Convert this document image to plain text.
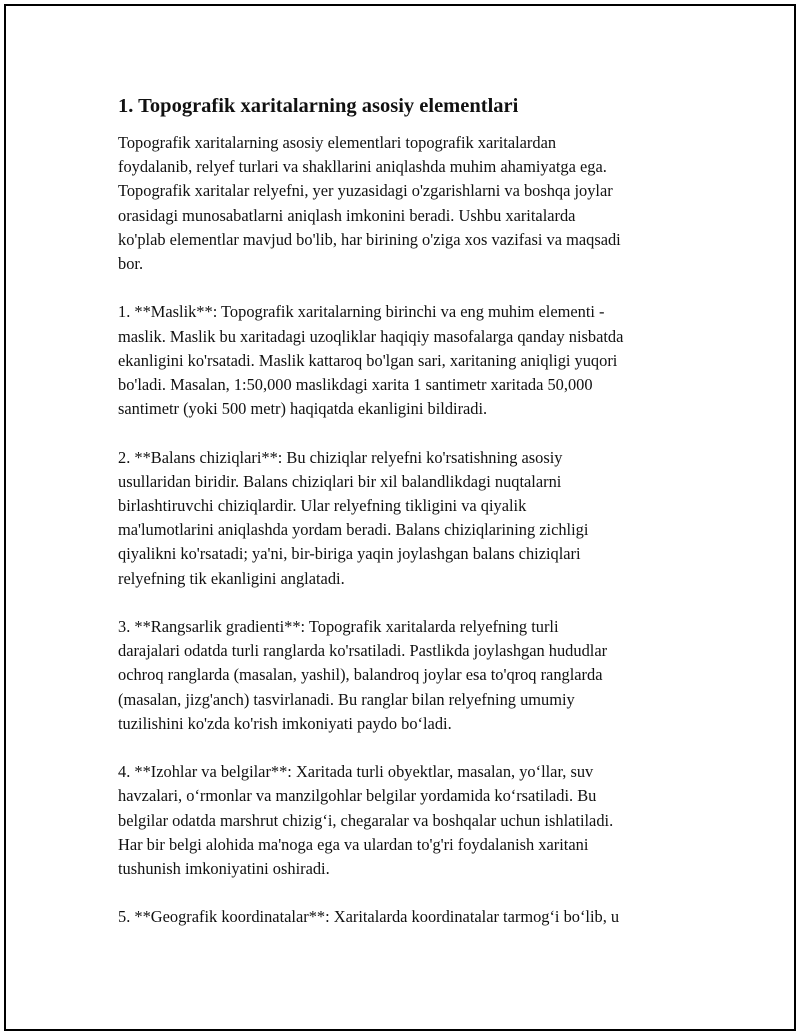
1. Topografik xaritalarning asosiy elementlari

Topografik xaritalarning asosiy elementlari topografik xaritalardan
foydalanib, relyef turlari va shakllarini aniqlashda muhim ahamiyatga ega.
Topografik xaritalar relyefni, yer yuzasidagi o'zgarishlarni va boshqa joylar
orasidagi munosabatlarni aniqlash imkonini beradi. Ushbu xaritalarda
ko'plab elementlar mavjud bo'lib, har birining o'ziga xos vazifasi va maqsadi
bor.

1. **Maslik**: Topografik xaritalarning birinchi va eng muhim elementi -
maslik. Maslik bu xaritadagi uzoqliklar haqiqiy masofalarga qanday nisbatda
ekanligini ko'rsatadi. Maslik kattaroq bo'lgan sari, xaritaning aniqligi yuqori
bo'ladi. Masalan, 1:50,000 maslikdagi xarita 1 santimetr xaritada 50,000
santimetr (yoki 500 metr) haqiqatda ekanligini bildiradi.

2. **Balans chiziqlari**: Bu chiziqlar relyefni ko'rsatishning asosiy
usullaridan biridir. Balans chiziqlari bir xil balandlikdagi nuqtalarni
birlashtiruvchi chiziqlardir. Ular relyefning tikligini va qiyalik
ma'lumotlarini aniqlashda yordam beradi. Balans chiziqlarining zichligi
qiyalikni ko'rsatadi; ya'ni, bir-biriga yaqin joylashgan balans chiziqlari
relyefning tik ekanligini anglatadi.

3. **Rangsarlik gradienti**: Topografik xaritalarda relyefning turli
darajalari odatda turli ranglarda ko'rsatiladi. Pastlikda joylashgan hududlar
ochroq ranglarda (masalan, yashil), balandroq joylar esa to'qroq ranglarda
(masalan, jizg'anch) tasvirlanadi. Bu ranglar bilan relyefning umumiy
tuzilishini ko'zda ko'rish imkoniyati paydo bo‘ladi.

4. **Izohlar va belgilar**: Xaritada turli obyektlar, masalan, yo‘llar, suv
havzalari, o‘rmonlar va manzilgohlar belgilar yordamida ko‘rsatiladi. Bu
belgilar odatda marshrut chizig‘i, chegaralar va boshqalar uchun ishlatiladi.
Har bir belgi alohida ma'noga ega va ulardan to'g'ri foydalanish xaritani
tushunish imkoniyatini oshiradi.

5. **Geografik koordinatalar**: Xaritalarda koordinatalar tarmog‘i bo‘lib, u
